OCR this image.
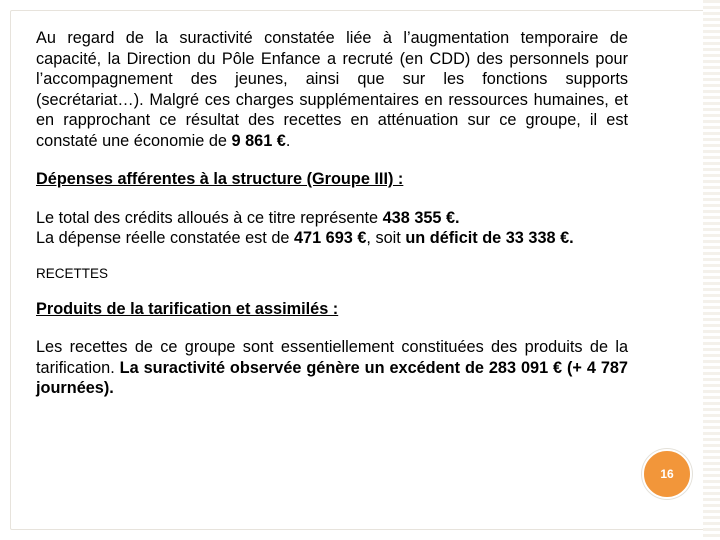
Au regard de la suractivité constatée liée à l’augmentation temporaire de capacité, la Direction du Pôle Enfance a recruté (en CDD) des personnels pour l’accompagnement des jeunes, ainsi que sur les fonctions supports (secrétariat…). Malgré ces charges supplémentaires en ressources humaines, et en rapprochant ce résultat des recettes en atténuation sur ce groupe, il est constaté une économie de 9 861 €.

Dépenses afférentes à la structure (Groupe III) :

Le total des crédits alloués à ce titre représente 438 355 €.
La dépense réelle constatée est de 471 693 €, soit un déficit de 33 338 €.

RECETTES

Produits de la tarification et assimilés :

Les recettes de ce groupe sont essentiellement constituées des produits de la tarification. La suractivité observée génère un excédent de 283 091 € (+ 4 787 journées).

16
